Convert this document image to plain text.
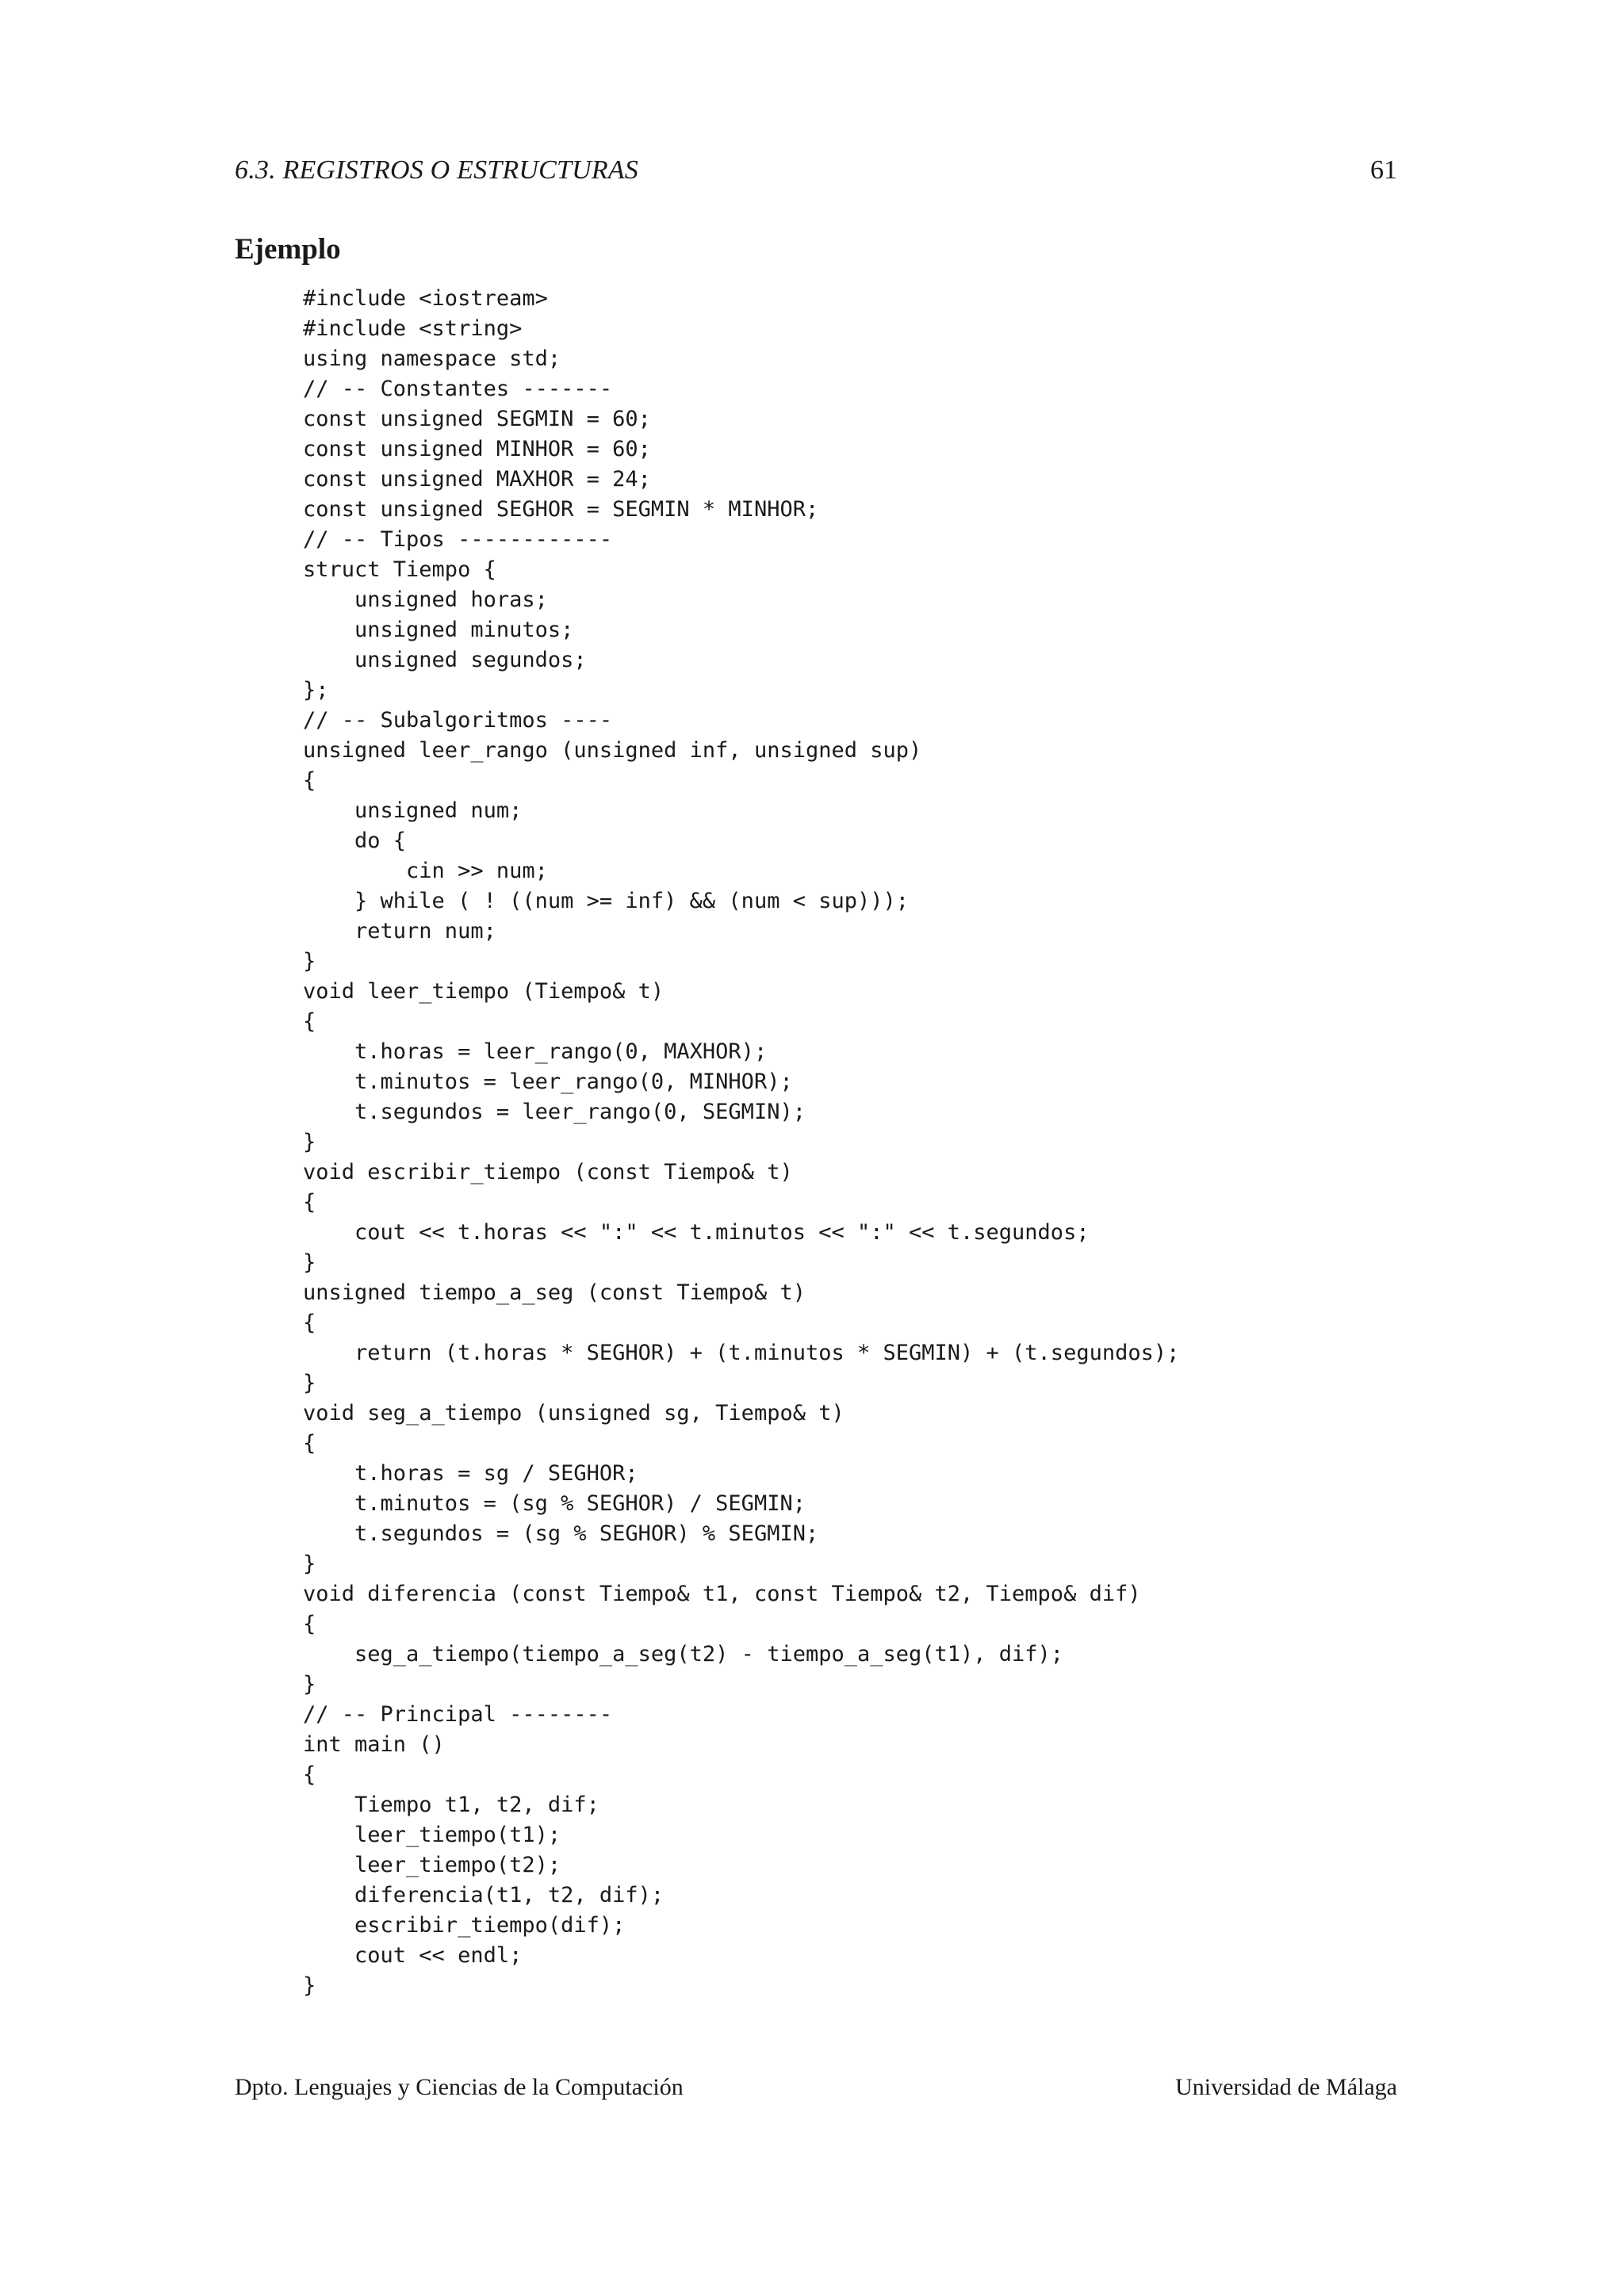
6.3. REGISTROS O ESTRUCTURAS	61
Ejemplo
#include <iostream>
#include <string>
using namespace std;
// -- Constantes -------
const unsigned SEGMIN = 60;
const unsigned MINHOR = 60;
const unsigned MAXHOR = 24;
const unsigned SEGHOR = SEGMIN * MINHOR;
// -- Tipos ------------
struct Tiempo {
unsigned horas;
unsigned minutos;
unsigned segundos;
};
// -- Subalgoritmos ----
unsigned leer_rango (unsigned inf, unsigned sup)
{
unsigned num;
do {
cin >> num;
} while ( ! ((num >= inf) && (num < sup)));
return num;
}
void leer_tiempo (Tiempo& t)
{
t.horas = leer_rango(0, MAXHOR);
t.minutos = leer_rango(0, MINHOR);
t.segundos = leer_rango(0, SEGMIN);
}
void escribir_tiempo (const Tiempo& t)
{
cout << t.horas << ":" << t.minutos << ":" << t.segundos;
}
unsigned tiempo_a_seg (const Tiempo& t)
{
return (t.horas * SEGHOR) + (t.minutos * SEGMIN) + (t.segundos);
}
void seg_a_tiempo (unsigned sg, Tiempo& t)
{
t.horas = sg / SEGHOR;
t.minutos = (sg % SEGHOR) / SEGMIN;
t.segundos = (sg % SEGHOR) % SEGMIN;
}
void diferencia (const Tiempo& t1, const Tiempo& t2, Tiempo& dif)
{
seg_a_tiempo(tiempo_a_seg(t2) - tiempo_a_seg(t1), dif);
}
// -- Principal --------
int main ()
{
Tiempo t1, t2, dif;
leer_tiempo(t1);
leer_tiempo(t2);
diferencia(t1, t2, dif);
escribir_tiempo(dif);
cout << endl;
}
Dpto. Lenguajes y Ciencias de la Computación	Universidad de Málaga
